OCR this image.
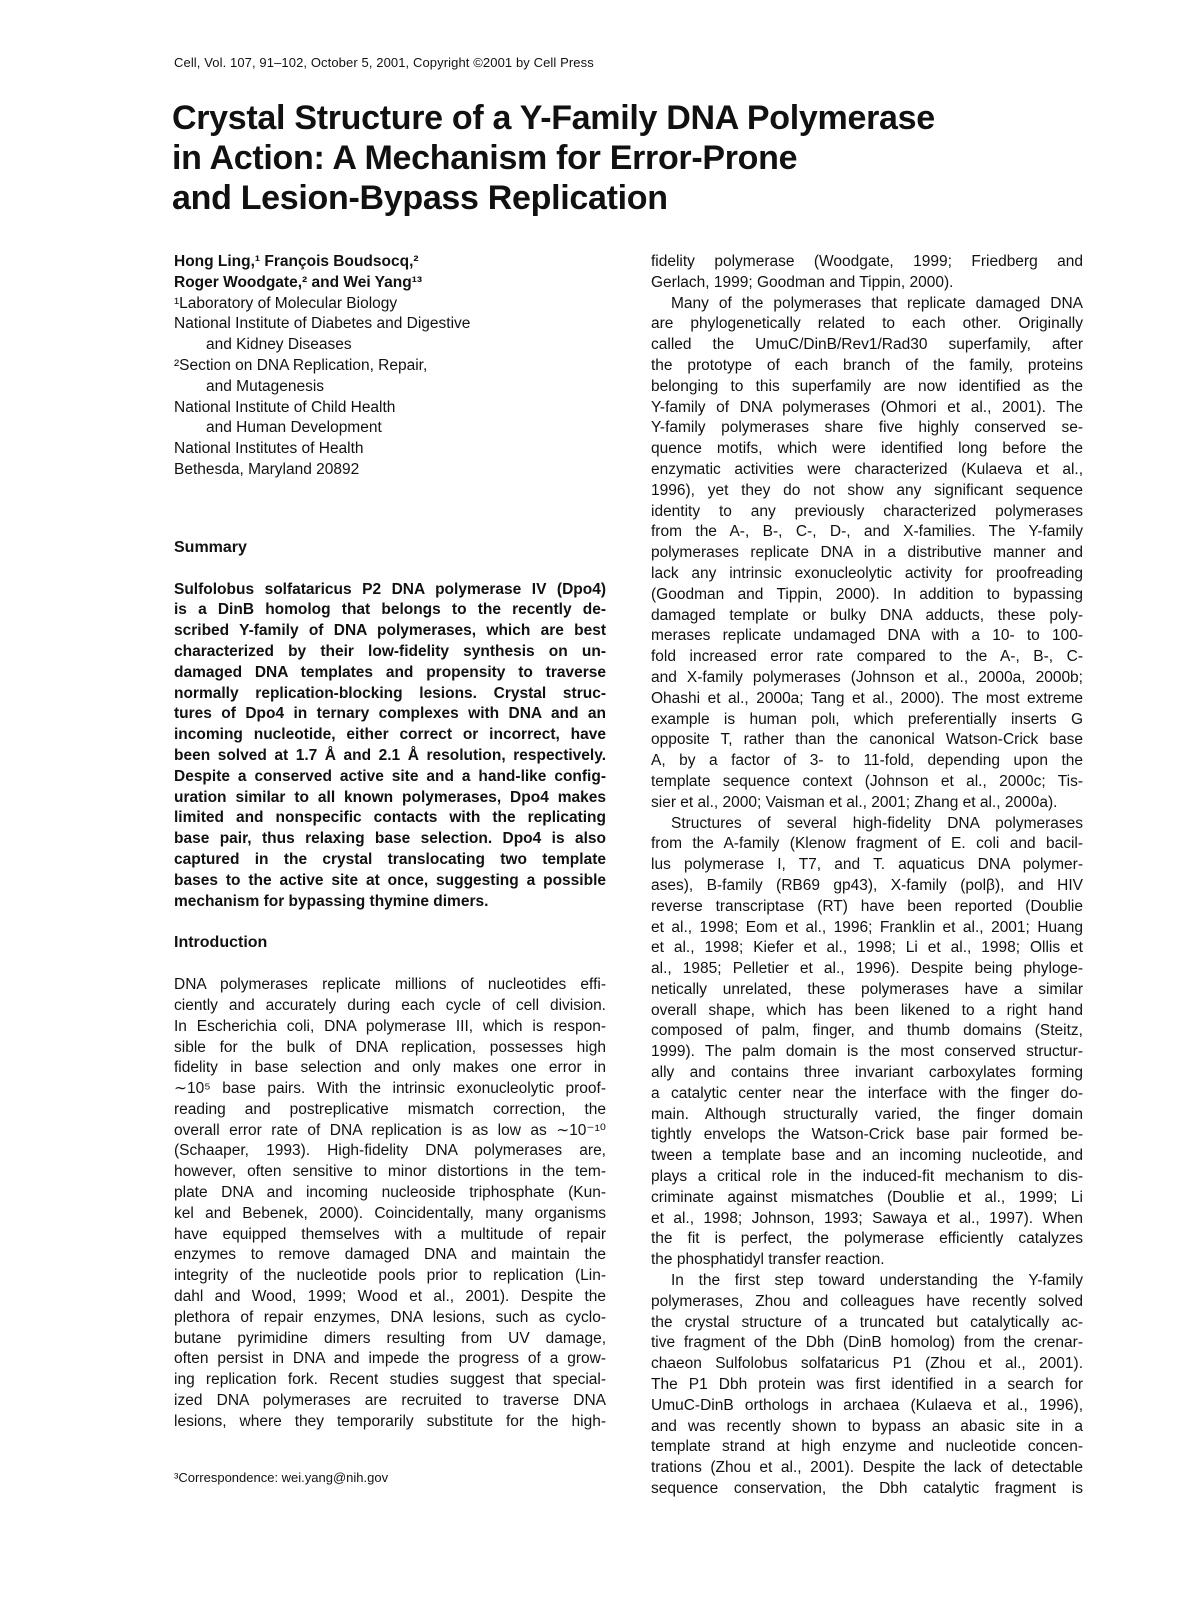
Cell, Vol. 107, 91–102, October 5, 2001, Copyright ©2001 by Cell Press
Crystal Structure of a Y-Family DNA Polymerase
in Action: A Mechanism for Error-Prone
and Lesion-Bypass Replication
Hong Ling,¹ François Boudsocq,²
Roger Woodgate,² and Wei Yang¹³
¹Laboratory of Molecular Biology
National Institute of Diabetes and Digestive
and Kidney Diseases
²Section on DNA Replication, Repair,
and Mutagenesis
National Institute of Child Health
and Human Development
National Institutes of Health
Bethesda, Maryland 20892
Summary
Sulfolobus solfataricus P2 DNA polymerase IV (Dpo4)
is a DinB homolog that belongs to the recently de-
scribed Y-family of DNA polymerases, which are best
characterized by their low-fidelity synthesis on un-
damaged DNA templates and propensity to traverse
normally replication-blocking lesions. Crystal struc-
tures of Dpo4 in ternary complexes with DNA and an
incoming nucleotide, either correct or incorrect, have
been solved at 1.7 Å and 2.1 Å resolution, respectively.
Despite a conserved active site and a hand-like config-
uration similar to all known polymerases, Dpo4 makes
limited and nonspecific contacts with the replicating
base pair, thus relaxing base selection. Dpo4 is also
captured in the crystal translocating two template
bases to the active site at once, suggesting a possible
mechanism for bypassing thymine dimers.
Introduction
DNA polymerases replicate millions of nucleotides effi-
ciently and accurately during each cycle of cell division.
In Escherichia coli, DNA polymerase III, which is respon-
sible for the bulk of DNA replication, possesses high
fidelity in base selection and only makes one error in
∼10⁵ base pairs. With the intrinsic exonucleolytic proof-
reading and postreplicative mismatch correction, the
overall error rate of DNA replication is as low as ∼10⁻¹⁰
(Schaaper, 1993). High-fidelity DNA polymerases are,
however, often sensitive to minor distortions in the tem-
plate DNA and incoming nucleoside triphosphate (Kun-
kel and Bebenek, 2000). Coincidentally, many organisms
have equipped themselves with a multitude of repair
enzymes to remove damaged DNA and maintain the
integrity of the nucleotide pools prior to replication (Lin-
dahl and Wood, 1999; Wood et al., 2001). Despite the
plethora of repair enzymes, DNA lesions, such as cyclo-
butane pyrimidine dimers resulting from UV damage,
often persist in DNA and impede the progress of a grow-
ing replication fork. Recent studies suggest that special-
ized DNA polymerases are recruited to traverse DNA
lesions, where they temporarily substitute for the high-
fidelity polymerase (Woodgate, 1999; Friedberg and
Gerlach, 1999; Goodman and Tippin, 2000).
Many of the polymerases that replicate damaged DNA
are phylogenetically related to each other. Originally
called the UmuC/DinB/Rev1/Rad30 superfamily, after
the prototype of each branch of the family, proteins
belonging to this superfamily are now identified as the
Y-family of DNA polymerases (Ohmori et al., 2001). The
Y-family polymerases share five highly conserved se-
quence motifs, which were identified long before the
enzymatic activities were characterized (Kulaeva et al.,
1996), yet they do not show any significant sequence
identity to any previously characterized polymerases
from the A-, B-, C-, D-, and X-families. The Y-family
polymerases replicate DNA in a distributive manner and
lack any intrinsic exonucleolytic activity for proofreading
(Goodman and Tippin, 2000). In addition to bypassing
damaged template or bulky DNA adducts, these poly-
merases replicate undamaged DNA with a 10- to 100-
fold increased error rate compared to the A-, B-, C-
and X-family polymerases (Johnson et al., 2000a, 2000b;
Ohashi et al., 2000a; Tang et al., 2000). The most extreme
example is human polι, which preferentially inserts G
opposite T, rather than the canonical Watson-Crick base
A, by a factor of 3- to 11-fold, depending upon the
template sequence context (Johnson et al., 2000c; Tis-
sier et al., 2000; Vaisman et al., 2001; Zhang et al., 2000a).
Structures of several high-fidelity DNA polymerases
from the A-family (Klenow fragment of E. coli and bacil-
lus polymerase I, T7, and T. aquaticus DNA polymer-
ases), B-family (RB69 gp43), X-family (polβ), and HIV
reverse transcriptase (RT) have been reported (Doublie
et al., 1998; Eom et al., 1996; Franklin et al., 2001; Huang
et al., 1998; Kiefer et al., 1998; Li et al., 1998; Ollis et
al., 1985; Pelletier et al., 1996). Despite being phyloge-
netically unrelated, these polymerases have a similar
overall shape, which has been likened to a right hand
composed of palm, finger, and thumb domains (Steitz,
1999). The palm domain is the most conserved structur-
ally and contains three invariant carboxylates forming
a catalytic center near the interface with the finger do-
main. Although structurally varied, the finger domain
tightly envelops the Watson-Crick base pair formed be-
tween a template base and an incoming nucleotide, and
plays a critical role in the induced-fit mechanism to dis-
criminate against mismatches (Doublie et al., 1999; Li
et al., 1998; Johnson, 1993; Sawaya et al., 1997). When
the fit is perfect, the polymerase efficiently catalyzes
the phosphatidyl transfer reaction.
In the first step toward understanding the Y-family
polymerases, Zhou and colleagues have recently solved
the crystal structure of a truncated but catalytically ac-
tive fragment of the Dbh (DinB homolog) from the crenar-
chaeon Sulfolobus solfataricus P1 (Zhou et al., 2001).
The P1 Dbh protein was first identified in a search for
UmuC-DinB orthologs in archaea (Kulaeva et al., 1996),
and was recently shown to bypass an abasic site in a
template strand at high enzyme and nucleotide concen-
trations (Zhou et al., 2001). Despite the lack of detectable
sequence conservation, the Dbh catalytic fragment is
³Correspondence: wei.yang@nih.gov
